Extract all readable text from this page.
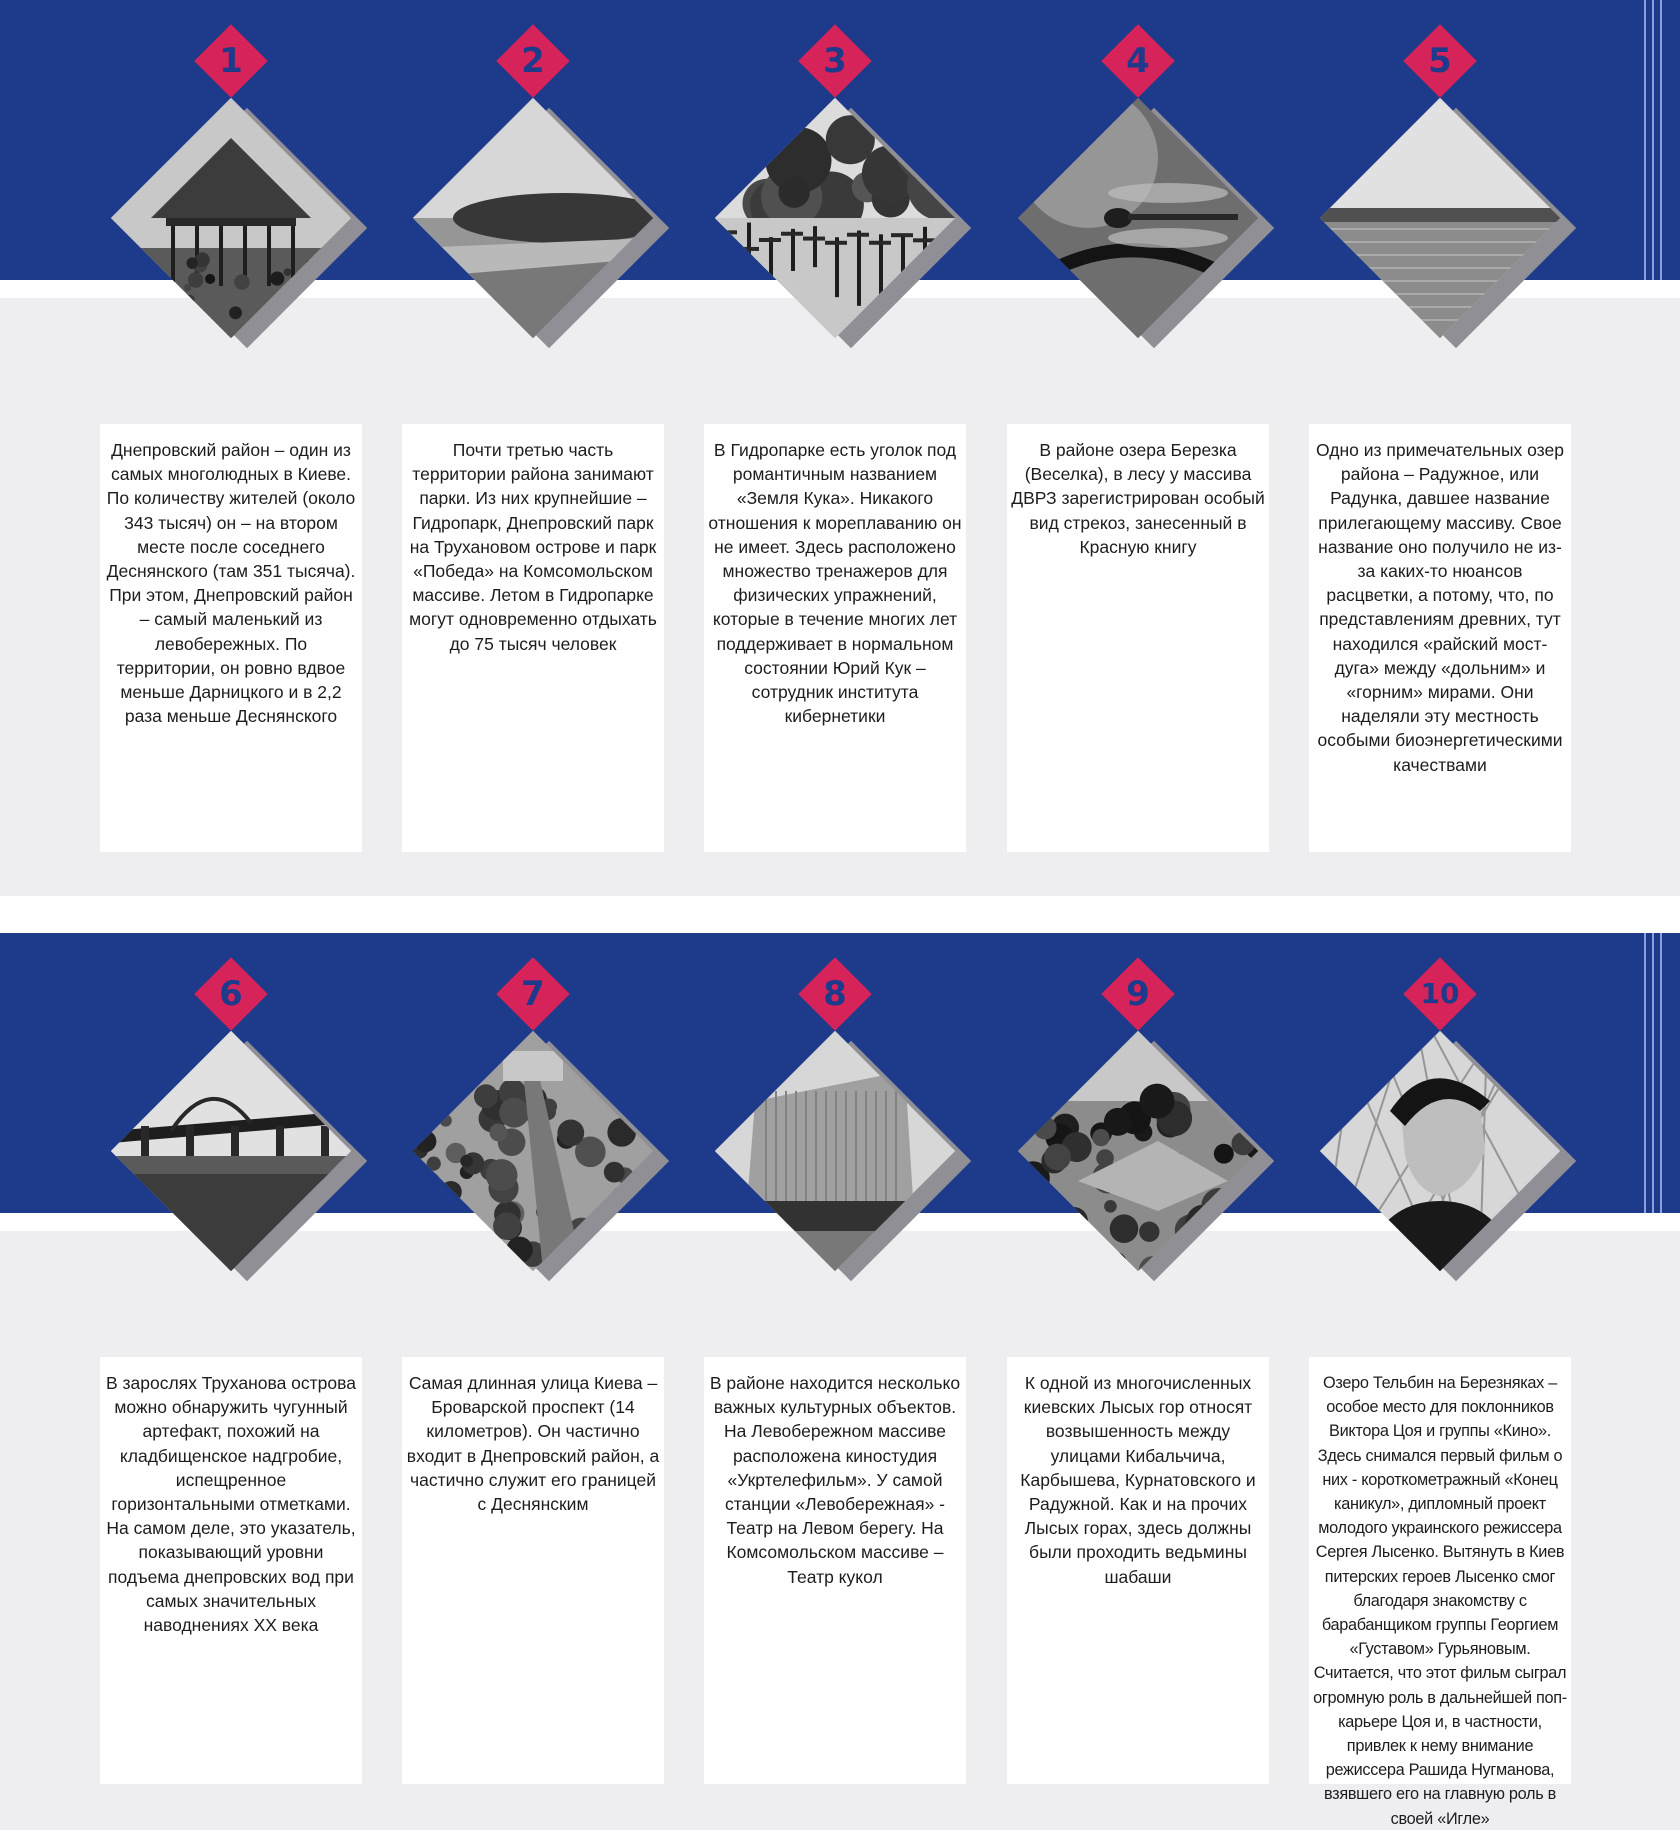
1
Днепровский район – один из самых многолюдных в Киеве. По количеству жителей (около 343 тысяч) он – на втором месте после соседнего Деснянского (там 351 тысяча). При этом, Днепровский район – самый маленький из левобережных. По территории, он ровно вдвое меньше Дарницкого и в 2,2 раза меньше Деснянского
2
Почти третью часть территории района занимают парки. Из них крупнейшие – Гидропарк, Днепровский парк на Трухановом острове и парк «Победа» на Комсомольском массиве. Летом в Гидропарке могут одновременно отдыхать до 75 тысяч человек
3
В Гидропарке есть уголок под романтичным названием «Земля Кука». Никакого отношения к мореплаванию он не имеет. Здесь расположено множество тренажеров для физических упражнений, которые в течение многих лет поддерживает в нормальном состоянии Юрий Кук – сотрудник института кибернетики
4
В районе озера Березка (Веселка), в лесу у массива ДВРЗ зарегистрирован особый вид стрекоз, занесенный в Красную книгу
5
Одно из примечательных озер района – Радужное, или Радунка, давшее название прилегающему массиву. Свое название оно получило не из-за каких-то нюансов расцветки, а потому, что, по представлениям древних, тут находился «райский мост-дуга» между «дольним» и «горним» мирами. Они наделяли эту местность особыми биоэнергетическими качествами
6
В зарослях Труханова острова можно обнаружить чугунный артефакт, похожий на кладбищенское надгробие, испещренное горизонтальными отметками. На самом деле, это указатель, показывающий уровни подъема днепровских вод при самых значительных наводнениях XX века
7
Самая длинная улица Киева – Броварской проспект (14 километров). Он частично входит в Днепровский район, а частично служит его границей с Деснянским
8
В районе находится несколько важных культурных объектов. На Левобережном массиве расположена киностудия «Укртелефильм». У самой станции «Левобережная» - Театр на Левом берегу. На Комсомольском массиве – Театр кукол
9
К одной из многочисленных киевских Лысых гор относят возвышенность между улицами Кибальчича, Карбышева, Курнатовского и Радужной. Как и на прочих Лысых горах, здесь должны были проходить ведьмины шабаши
10
Озеро Тельбин на Березняках – особое место для поклонников Виктора Цоя и группы «Кино». Здесь снимался первый фильм о них - короткометражный «Конец каникул», дипломный проект молодого украинского режиссера Сергея Лысенко. Вытянуть в Киев питерских героев Лысенко смог благодаря знакомству с барабанщиком группы Георгием «Густавом» Гурьяновым. Считается, что этот фильм сыграл огромную роль в дальнейшей поп-карьере Цоя и, в частности, привлек к нему внимание режиссера Рашида Нугманова, взявшего его на главную роль в своей «Игле»
